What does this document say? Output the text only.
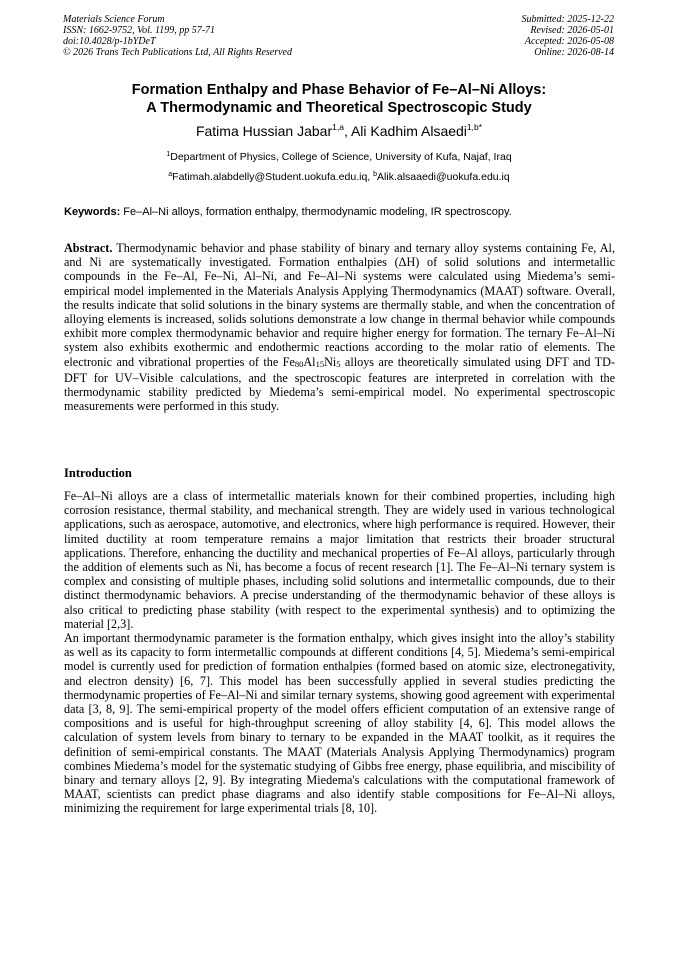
Materials Science Forum
ISSN: 1662-9752, Vol. 1199, pp 57-71
doi:10.4028/p-1bYDeT
© 2026 Trans Tech Publications Ltd, All Rights Reserved
Submitted: 2025-12-22
Revised: 2026-05-01
Accepted: 2026-05-08
Online: 2026-08-14
Formation Enthalpy and Phase Behavior of Fe–Al–Ni Alloys:
A Thermodynamic and Theoretical Spectroscopic Study
Fatima Hussian Jabar$^{1,a}$, Ali Kadhim Alsaedi$^{1,b*}$
$^1$Department of Physics, College of Science, University of Kufa, Najaf, Iraq
$^a$Fatimah.alabdelly@Student.uokufa.edu.iq, $^b$Alik.alsaaedi@uokufa.edu.iq
Keywords: Fe–Al–Ni alloys, formation enthalpy, thermodynamic modeling, IR spectroscopy.
Abstract. Thermodynamic behavior and phase stability of binary and ternary alloy systems containing Fe, Al, and Ni are systematically investigated. Formation enthalpies (ΔH) of solid solutions and intermetallic compounds in the Fe–Al, Fe–Ni, Al–Ni, and Fe–Al–Ni systems were calculated using Miedema’s semi-empirical model implemented in the Materials Analysis Applying Thermodynamics (MAAT) software. Overall, the results indicate that solid solutions in the binary systems are thermally stable, and when the concentration of alloying elements is increased, solids solutions demonstrate a low change in thermal behavior while compounds exhibit more complex thermodynamic behavior and require higher energy for formation. The ternary Fe–Al–Ni system also exhibits exothermic and endothermic reactions according to the molar ratio of elements. The electronic and vibrational properties of the Fe80Al15Ni5 alloys are theoretically simulated using DFT and TD-DFT for UV–Visible calculations, and the spectroscopic features are interpreted in correlation with the thermodynamic stability predicted by Miedema’s semi-empirical model. No experimental spectroscopic measurements were performed in this study.
Introduction

Fe–Al–Ni alloys are a class of intermetallic materials known for their combined properties, including high corrosion resistance, thermal stability, and mechanical strength. They are widely used in various technological applications, such as aerospace, automotive, and electronics, where high performance is required. However, their limited ductility at room temperature remains a major limitation that restricts their broader structural applications. Therefore, enhancing the ductility and mechanical properties of Fe–Al alloys, particularly through the addition of elements such as Ni, has become a focus of recent research [1]. The Fe–Al–Ni ternary system is complex and consisting of multiple phases, including solid solutions and intermetallic compounds, due to their distinct thermodynamic behaviors. A precise understanding of the thermodynamic behavior of these alloys is also critical to predicting phase stability (with respect to the experimental synthesis) and to optimizing the material [2,3].

An important thermodynamic parameter is the formation enthalpy, which gives insight into the alloy’s stability as well as its capacity to form intermetallic compounds at different conditions [4, 5]. Miedema’s semi-empirical model is currently used for prediction of formation enthalpies (formed based on atomic size, electronegativity, and electron density) [6, 7]. This model has been successfully applied in several studies predicting the thermodynamic properties of Fe–Al–Ni and similar ternary systems, showing good agreement with experimental data [3, 8, 9]. The semi-empirical property of the model offers efficient computation of an extensive range of compositions and is useful for high-throughput screening of alloy stability [4, 6]. This model allows the calculation of system levels from binary to ternary to be expanded in the MAAT toolkit, as it requires the definition of semi-empirical constants. The MAAT (Materials Analysis Applying Thermodynamics) program combines Miedema’s model for the systematic studying of Gibbs free energy, phase equilibria, and miscibility of binary and ternary alloys [2, 9]. By integrating Miedema's calculations with the computational framework of MAAT, scientists can predict phase diagrams and also identify stable compositions for Fe–Al–Ni alloys, minimizing the requirement for large experimental trials [8, 10].
